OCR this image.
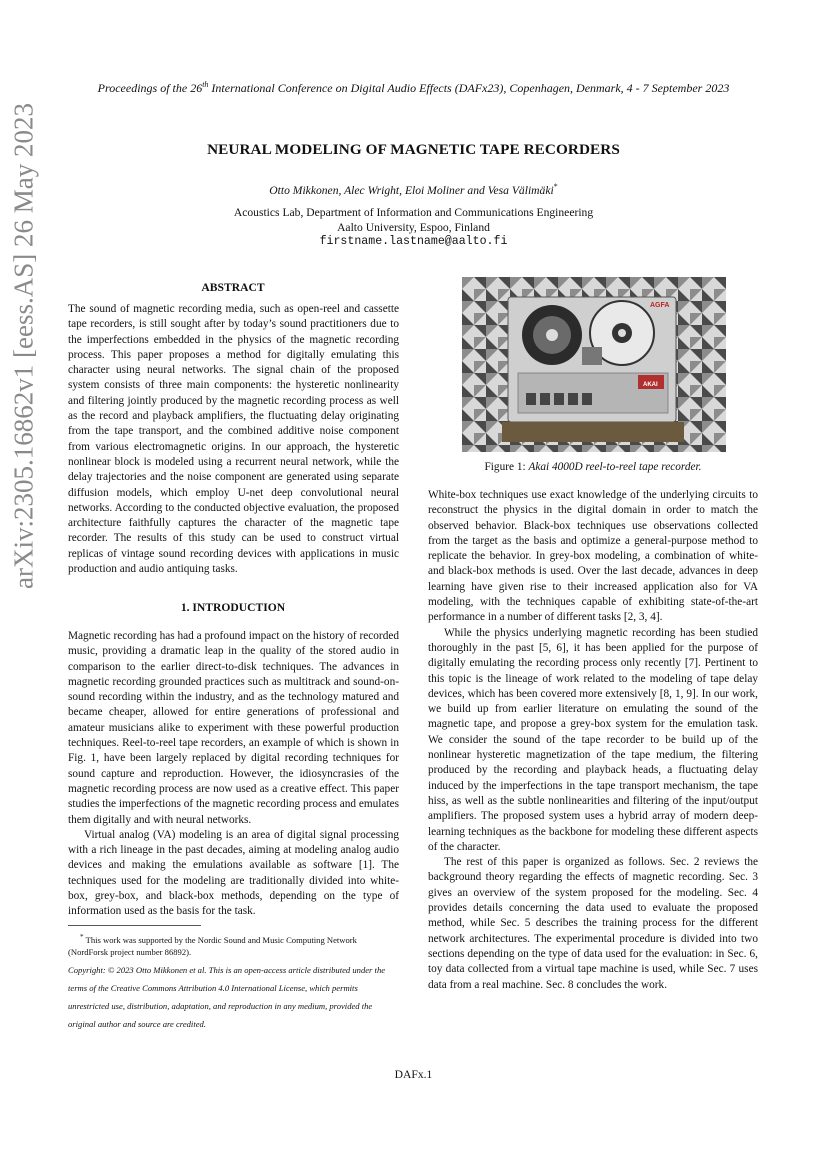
Proceedings of the 26th International Conference on Digital Audio Effects (DAFx23), Copenhagen, Denmark, 4 - 7 September 2023
NEURAL MODELING OF MAGNETIC TAPE RECORDERS
Otto Mikkonen, Alec Wright, Eloi Moliner and Vesa Välimäki*
Acoustics Lab, Department of Information and Communications Engineering
Aalto University, Espoo, Finland
firstname.lastname@aalto.fi
arXiv:2305.16862v1 [eess.AS] 26 May 2023	ABSTRACT

The sound of magnetic recording media, such as open-reel and cassette tape recorders, is still sought after by today’s sound practitioners due to the imperfections embedded in the physics of the magnetic recording process. This paper proposes a method for digitally emulating this character using neural networks. The signal chain of the proposed system consists of three main components: the hysteretic nonlinearity and filtering jointly produced by the magnetic recording process as well as the record and playback amplifiers, the fluctuating delay originating from the tape transport, and the combined additive noise component from various electromagnetic origins. In our approach, the hysteretic nonlinear block is modeled using a recurrent neural network, while the delay trajectories and the noise component are generated using separate diffusion models, which employ U-net deep convolutional neural networks. According to the conducted objective evaluation, the proposed architecture faithfully captures the character of the magnetic tape recorder. The results of this study can be used to construct virtual replicas of vintage sound recording devices with applications in music production and audio antiquing tasks.

1. INTRODUCTION

Magnetic recording has had a profound impact on the history of recorded music, providing a dramatic leap in the quality of the stored audio in comparison to the earlier direct-to-disk techniques. The advances in magnetic recording grounded practices such as multitrack and sound-on-sound recording within the industry, and as the technology matured and became cheaper, allowed for entire generations of professional and amateur musicians alike to experiment with these powerful production techniques. Reel-to-reel tape recorders, an example of which is shown in Fig. 1, have been largely replaced by digital recording techniques for sound capture and reproduction. However, the idiosyncrasies of the magnetic recording process are now used as a creative effect. This paper studies the imperfections of the magnetic recording process and emulates them digitally and with neural networks.

Virtual analog (VA) modeling is an area of digital signal processing with a rich lineage in the past decades, aiming at modeling analog audio devices and making the emulations available as software [1]. The techniques used for the modeling are traditionally divided into white-box, grey-box, and black-box methods, depending on the type of information used as the basis for the task.

* This work was supported by the Nordic Sound and Music Computing Network (NordForsk project number 86892).
Copyright: © 2023 Otto Mikkonen et al. This is an open-access article distributed under the terms of the Creative Commons Attribution 4.0 International License, which permits unrestricted use, distribution, adaptation, and reproduction in any medium, provided the original author and source are credited.
AGFA
AKAI
Figure 1: Akai 4000D reel-to-reel tape recorder.

White-box techniques use exact knowledge of the underlying circuits to reconstruct the physics in the digital domain in order to match the observed behavior. Black-box techniques use observations collected from the target as the basis and optimize a general-purpose method to replicate the behavior. In grey-box modeling, a combination of white- and black-box methods is used. Over the last decade, advances in deep learning have given rise to their increased application also for VA modeling, with the techniques capable of exhibiting state-of-the-art performance in a number of different tasks [2, 3, 4].

While the physics underlying magnetic recording has been studied thoroughly in the past [5, 6], it has been applied for the purpose of digitally emulating the recording process only recently [7]. Pertinent to this topic is the lineage of work related to the modeling of tape delay devices, which has been covered more extensively [8, 1, 9]. In our work, we build up from earlier literature on emulating the sound of the magnetic tape, and propose a grey-box system for the emulation task. We consider the sound of the tape recorder to be build up of the nonlinear hysteretic magnetization of the tape medium, the filtering produced by the recording and playback heads, a fluctuating delay induced by the imperfections in the tape transport mechanism, the tape hiss, as well as the subtle nonlinearities and filtering of the input/output amplifiers. The proposed system uses a hybrid array of modern deep-learning techniques as the backbone for modeling these different aspects of the character.

The rest of this paper is organized as follows. Sec. 2 reviews the background theory regarding the effects of magnetic recording. Sec. 3 gives an overview of the system proposed for the modeling. Sec. 4 provides details concerning the data used to evaluate the proposed method, while Sec. 5 describes the training process for the different network architectures. The experimental procedure is divided into two sections depending on the type of data used for the evaluation: in Sec. 6, toy data collected from a virtual tape machine is used, while Sec. 7 uses data from a real machine. Sec. 8 concludes the work.

DAFx.1
